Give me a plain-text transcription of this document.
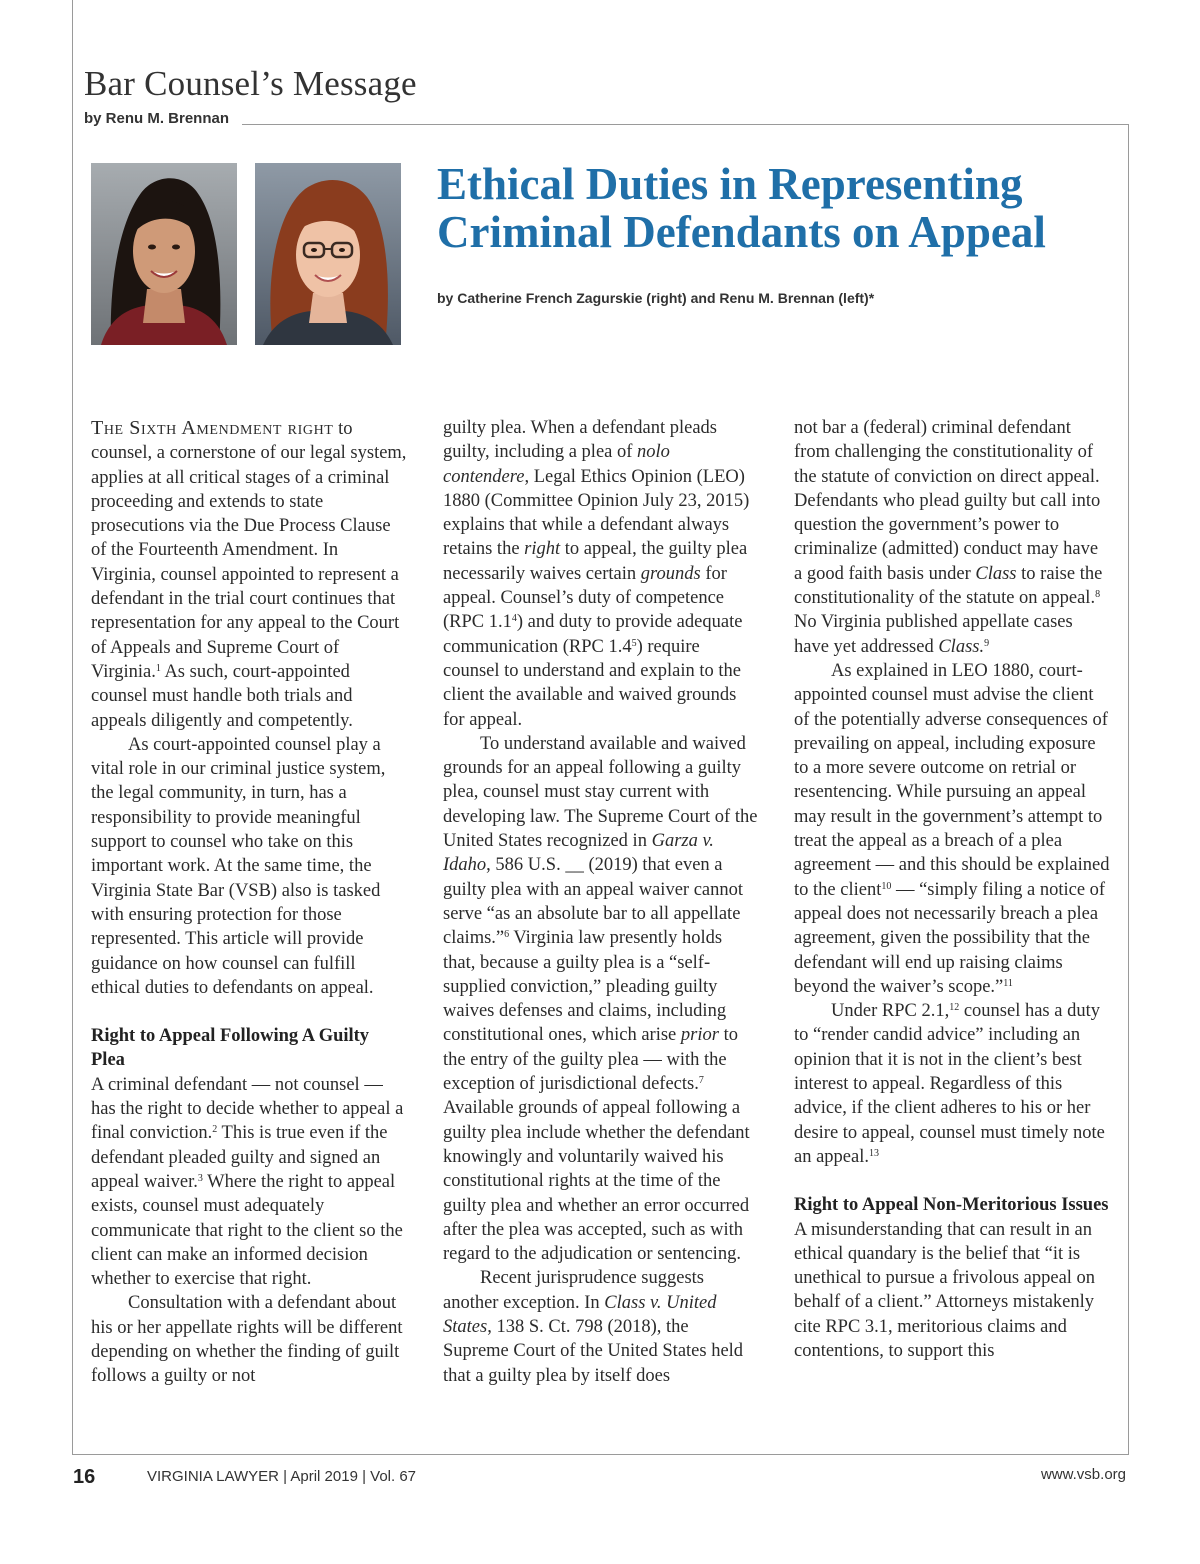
Bar Counsel’s Message
by Renu M. Brennan
Ethical Duties in Representing
Criminal Defendants on Appeal
by Catherine French Zagurskie (right) and Renu M. Brennan (left)*

The Sixth Amendment right to counsel, a cornerstone of our legal system, applies at all critical stages of a criminal proceeding and extends to state prosecutions via the Due Process Clause of the Fourteenth Amendment. In Virginia, counsel appointed to represent a defendant in the trial court continues that representation for any appeal to the Court of Appeals and Supreme Court of Virginia.$^1$ As such, court-appointed counsel must handle both trials and appeals diligently and competently.

As court-appointed counsel play a vital role in our criminal justice system, the legal community, in turn, has a responsibility to provide meaningful support to counsel who take on this important work. At the same time, the Virginia State Bar (VSB) also is tasked with ensuring protection for those represented. This article will provide guidance on how counsel can fulfill ethical duties to defendants on appeal.

Right to Appeal Following A Guilty Plea

A criminal defendant — not counsel — has the right to decide whether to appeal a final conviction.$^2$ This is true even if the defendant pleaded guilty and signed an appeal waiver.$^3$ Where the right to appeal exists, counsel must adequately communicate that right to the client so the client can make an informed decision whether to exercise that right.

Consultation with a defendant about his or her appellate rights will be different depending on whether the finding of guilt follows a guilty or not

guilty plea. When a defendant pleads guilty, including a plea of nolo contendere, Legal Ethics Opinion (LEO) 1880 (Committee Opinion July 23, 2015) explains that while a defendant always retains the right to appeal, the guilty plea necessarily waives certain grounds for appeal. Counsel’s duty of competence (RPC $1.1^4$) and duty to provide adequate communication (RPC $1.4^5$) require counsel to understand and explain to the client the available and waived grounds for appeal.

To understand available and waived grounds for an appeal following a guilty plea, counsel must stay current with developing law. The Supreme Court of the United States recognized in Garza v. Idaho, 586 U.S. __ (2019) that even a guilty plea with an appeal waiver cannot serve “as an absolute bar to all appellate claims.”$^6$ Virginia law presently holds that, because a guilty plea is a “self-supplied conviction,” pleading guilty waives defenses and claims, including constitutional ones, which arise prior to the entry of the guilty plea — with the exception of jurisdictional defects.$^7$ Available grounds of appeal following a guilty plea include whether the defendant knowingly and voluntarily waived his constitutional rights at the time of the guilty plea and whether an error occurred after the plea was accepted, such as with regard to the adjudication or sentencing.

Recent jurisprudence suggests another exception. In Class v. United States, 138 S. Ct. 798 (2018), the Supreme Court of the United States held that a guilty plea by itself does

not bar a (federal) criminal defendant from challenging the constitutionality of the statute of conviction on direct appeal. Defendants who plead guilty but call into question the government’s power to criminalize (admitted) conduct may have a good faith basis under Class to raise the constitutionality of the statute on appeal.$^8$ No Virginia published appellate cases have yet addressed Class.$^9$

As explained in LEO 1880, court-appointed counsel must advise the client of the potentially adverse consequences of prevailing on appeal, including exposure to a more severe outcome on retrial or resentencing. While pursuing an appeal may result in the government’s attempt to treat the appeal as a breach of a plea agreement — and this should be explained to the client$^{10}$ — “simply filing a notice of appeal does not necessarily breach a plea agreement, given the possibility that the defendant will end up raising claims beyond the waiver’s scope.”$^{11}$

Under RPC 2.1,12 counsel has a duty to “render candid advice” including an opinion that it is not in the client’s best interest to appeal. Regardless of this advice, if the client adheres to his or her desire to appeal, counsel must timely note an appeal.$^{13}$

Right to Appeal Non-Meritorious Issues

A misunderstanding that can result in an ethical quandary is the belief that “it is unethical to pursue a frivolous appeal on behalf of a client.” Attorneys mistakenly cite RPC 3.1, meritorious claims and contentions, to support this

16	VIRGINIA LAWYER | April 2019 | Vol. 67	www.vsb.org
